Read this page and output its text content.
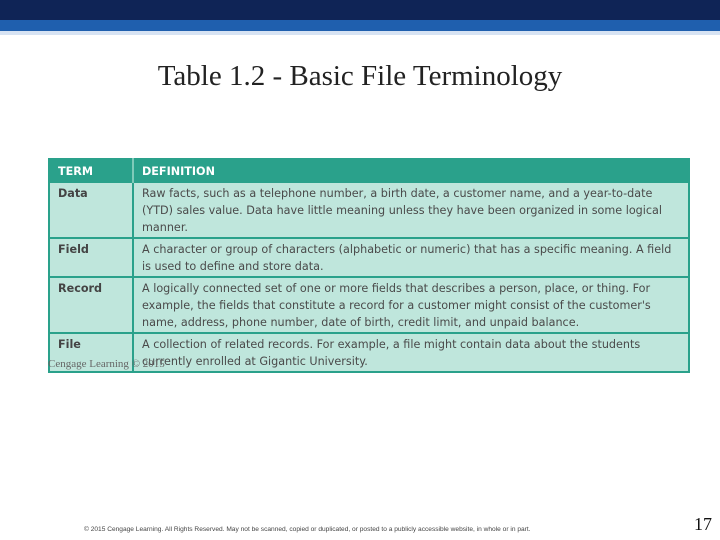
Table 1.2 - Basic File Terminology
TERM	DEFINITION
Data	Raw facts, such as a telephone number, a birth date, a customer name, and a year-to-date (YTD) sales value. Data have little meaning unless they have been organized in some logical manner.
Field	A character or group of characters (alphabetic or numeric) that has a specific meaning. A field is used to define and store data.
Record	A logically connected set of one or more fields that describes a person, place, or thing. For example, the fields that constitute a record for a customer might consist of the customer's name, address, phone number, date of birth, credit limit, and unpaid balance.
File	A collection of related records. For example, a file might contain data about the students currently enrolled at Gigantic University.
Cengage Learning © 2015
© 2015 Cengage Learning. All Rights Reserved. May not be scanned, copied or duplicated, or posted to a publicly accessible website, in whole or in part.	17
